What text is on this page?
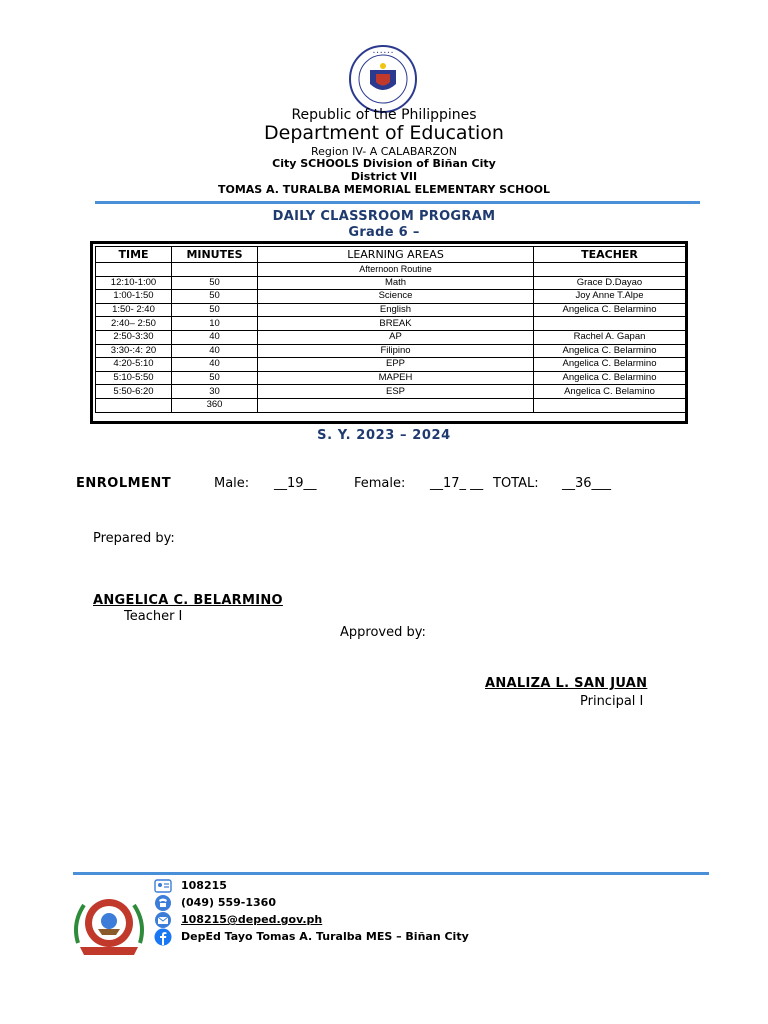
• • • • • •
Republic of the Philippines
Department of Education
Region IV- A CALABARZON
City SCHOOLS Division of Biñan City
District VII
TOMAS A. TURALBA MEMORIAL ELEMENTARY SCHOOL
DAILY CLASSROOM PROGRAM
Grade 6 –
TIME	MINUTES	LEARNING AREAS	TEACHER
		Afternoon Routine	
12:10-1:00	50	Math	Grace D.Dayao
1:00-1:50	50	Science	Joy Anne T.Alpe
1:50- 2:40	50	English	Angelica C. Belarmino
2:40– 2:50	10	BREAK	
2:50-3:30	40	AP	Rachel A. Gapan
3:30-:4: 20	40	Filipino	Angelica C. Belarmino
4:20-5:10	40	EPP	Angelica C. Belarmino
5:10-5:50	50	MAPEH	Angelica C. Belarmino
5:50-6:20	30	ESP	Angelica C. Belamino
	360		
S. Y. 2023 – 2024
ENROLMENT	Male: __19__	Female: __17_ __ TOTAL: __36___
Prepared by:
ANGELICA C. BELARMINO
Teacher I
Approved by:
ANALIZA L. SAN JUAN
Principal I
108215
(049) 559-1360
108215@deped.gov.ph
DepEd Tayo Tomas A. Turalba MES – Biñan City
